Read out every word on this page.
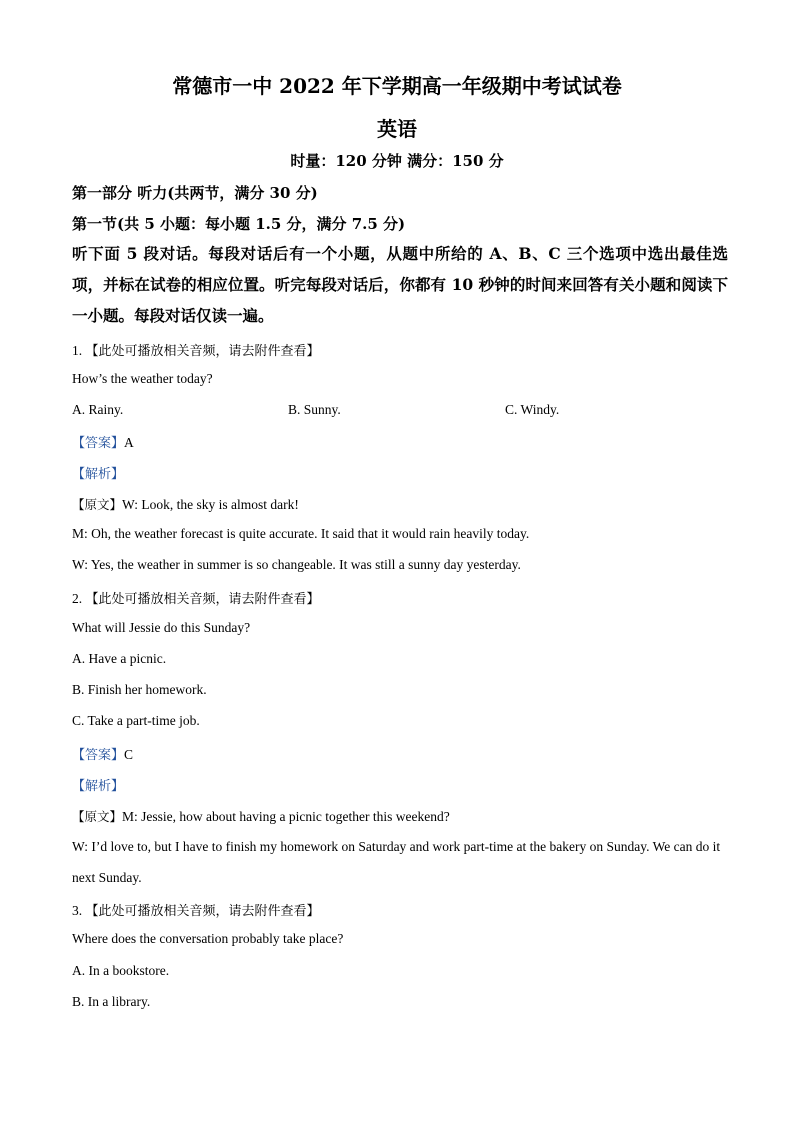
常德市一中 2022 年下学期高一年级期中考试试卷
英语
时量：120 分钟 满分：150 分
第一部分 听力(共两节，满分 30 分)
第一节(共 5 小题：每小题 1.5 分，满分 7.5 分)
听下面 5 段对话。每段对话后有一个小题，从题中所给的 A、B、C 三个选项中选出最佳选项，并标在试卷的相应位置。听完每段对话后，你都有 10 秒钟的时间来回答有关小题和阅读下一小题。每段对话仅读一遍。
1. 【此处可播放相关音频，请去附件查看】
How’s the weather today?
A. Rainy.	B. Sunny.	C. Windy.
【答案】A
【解析】
【原文】W: Look, the sky is almost dark!
M: Oh, the weather forecast is quite accurate. It said that it would rain heavily today.
W: Yes, the weather in summer is so changeable. It was still a sunny day yesterday.
2. 【此处可播放相关音频，请去附件查看】
What will Jessie do this Sunday?
A. Have a picnic.
B. Finish her homework.
C. Take a part-time job.
【答案】C
【解析】
【原文】M: Jessie, how about having a picnic together this weekend?
W: I’d love to, but I have to finish my homework on Saturday and work part-time at the bakery on Sunday. We can do it next Sunday.
3. 【此处可播放相关音频，请去附件查看】
Where does the conversation probably take place?
A. In a bookstore.
B. In a library.
